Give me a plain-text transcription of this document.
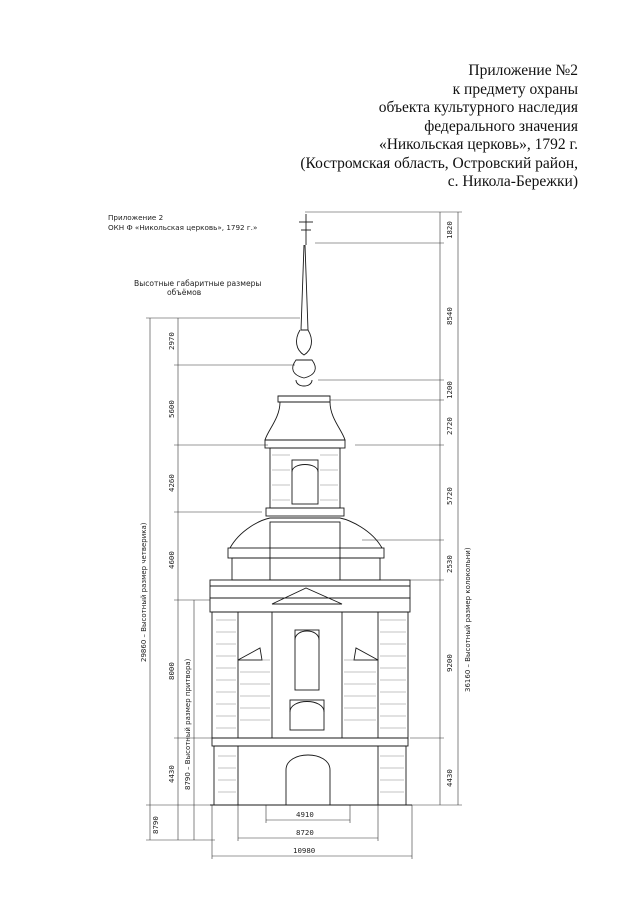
Приложение №2
к предмету охраны
объекта культурного наследия
федерального значения
«Никольская церковь», 1792 г.
(Костромская область, Островский район,
с. Никола-Бережки)
2970
5600
4260
4600
8000
4430
8790
29860 – Высотный размер четверика)
8790 – Высотный размер притвора)
1820
8540
1200
2720
5720
2530
9200
4430
36160 – Высотный размер колокольни)
4910
8720
10980
Приложение 2
ОКН Ф «Никольская церковь», 1792 г.»
Высотные габаритные размеры
объёмов
